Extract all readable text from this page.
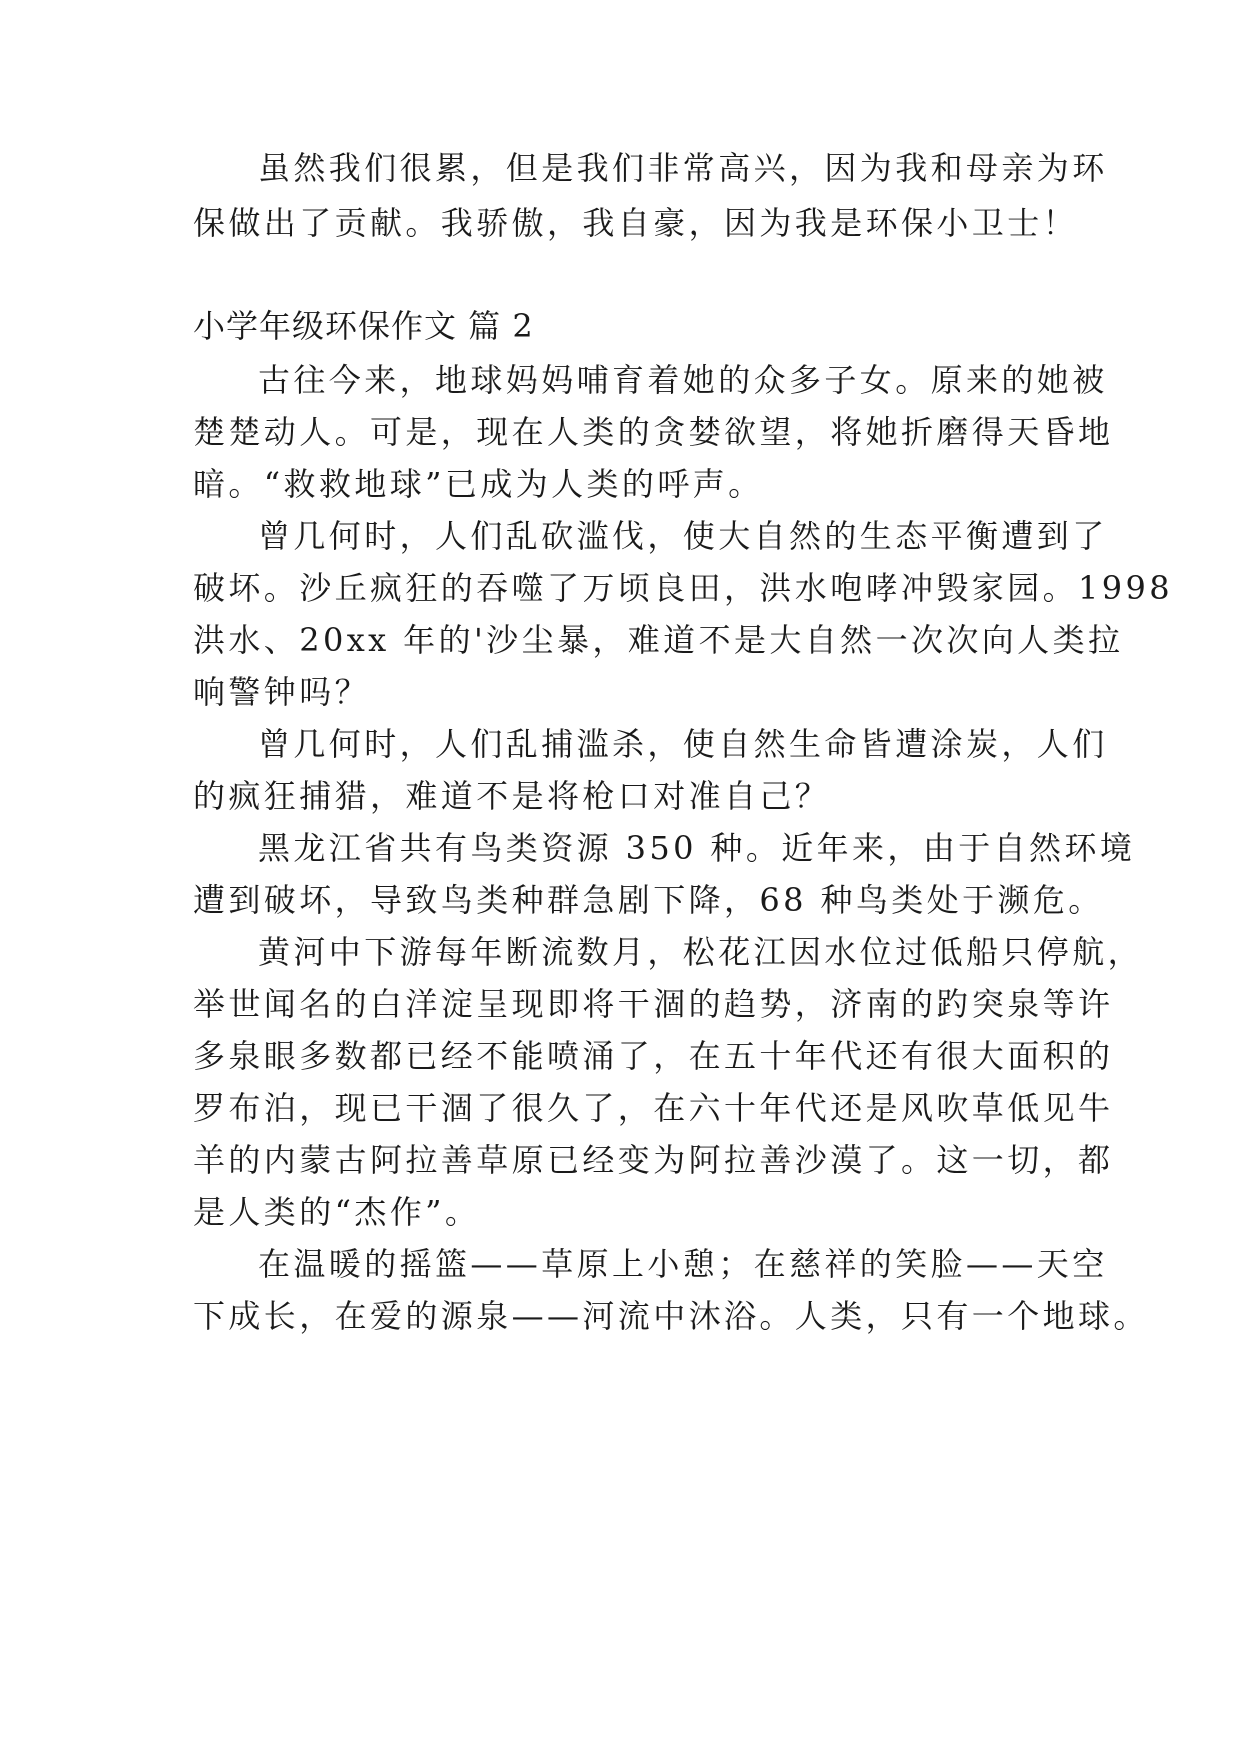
虽然我们很累，但是我们非常高兴，因为我和母亲为环
保做出了贡献。我骄傲，我自豪，因为我是环保小卫士！
小学年级环保作文 篇 2
古往今来，地球妈妈哺育着她的众多子女。原来的她被
楚楚动人。可是，现在人类的贪婪欲望，将她折磨得天昏地
暗。“救救地球”已成为人类的呼声。
曾几何时，人们乱砍滥伐，使大自然的生态平衡遭到了
破坏。沙丘疯狂的吞噬了万顷良田，洪水咆哮冲毁家园。1998
洪水、20xx 年的'沙尘暴，难道不是大自然一次次向人类拉
响警钟吗？
曾几何时，人们乱捕滥杀，使自然生命皆遭涂炭，人们
的疯狂捕猎，难道不是将枪口对准自己？
黑龙江省共有鸟类资源 350 种。近年来，由于自然环境
遭到破坏，导致鸟类种群急剧下降，68 种鸟类处于濒危。
黄河中下游每年断流数月，松花江因水位过低船只停航，
举世闻名的白洋淀呈现即将干涸的趋势，济南的趵突泉等许
多泉眼多数都已经不能喷涌了，在五十年代还有很大面积的
罗布泊，现已干涸了很久了，在六十年代还是风吹草低见牛
羊的内蒙古阿拉善草原已经变为阿拉善沙漠了。这一切，都
是人类的“杰作”。
在温暖的摇篮——草原上小憩；在慈祥的笑脸——天空
下成长，在爱的源泉——河流中沐浴。人类，只有一个地球。
